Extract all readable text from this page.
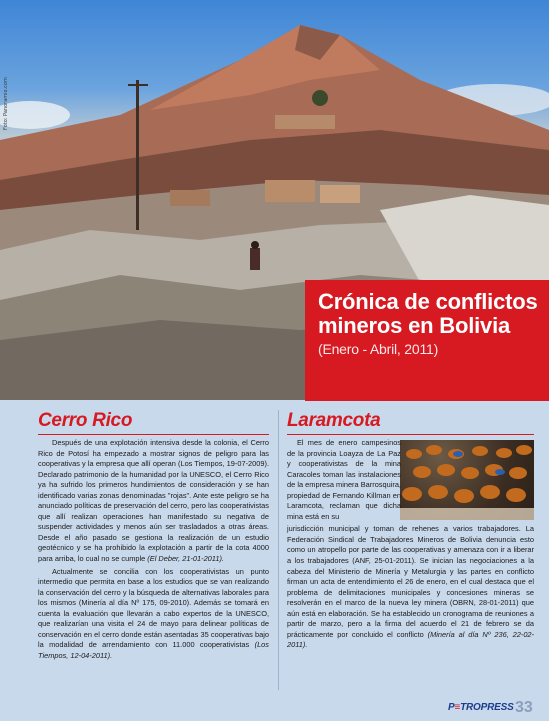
Foto: Panoramio.com
Crónica de conflictos mineros en Bolivia
(Enero - Abril, 2011)
Cerro Rico

Después de una explotación intensiva desde la colonia, el Cerro Rico de Potosí ha empezado a mostrar signos de peligro para las cooperativas y la empresa que allí operan (Los Tiempos, 19-07-2009). Declarado patrimonio de la humanidad por la UNESCO, el Cerro Rico ya ha sufrido los primeros hundimientos de consideración y se han identificado varias zonas denominadas "rojas". Ante este peligro se ha anunciado políticas de preservación del cerro, pero las cooperativistas que allí realizan operaciones han manifestado su negativa de suspender actividades y menos aún ser trasladados a otras áreas. Desde el año pasado se gestiona la realización de un estudio geotécnico y se ha prohibido la explotación a partir de la cota 4000 para arriba, lo cual no se cumple (El Deber, 21-01-2011).

Actualmente se concilia con los cooperativistas un punto intermedio que permita en base a los estudios que se van realizando la conservación del cerro y la búsqueda de alternativas laborales para los mismos (Minería al día Nº 175, 09-2010). Además se tomará en cuenta la evaluación que llevarán a cabo expertos de la UNESCO, que realizarían una visita el 24 de mayo para delinear políticas de conservación en el cerro donde están asentadas 35 cooperativas bajo la modalidad de arrendamiento con 11.000 cooperativistas (Los Tiempos, 12-04-2011).

Laramcota

El mes de enero campesinos de la provincia Loayza de La Paz y cooperativistas de la mina Caracoles toman las instalaciones de la empresa minera Barrosquira, propiedad de Fernando Killman en Laramcota, reclaman que dicha mina está en su

jurisdicción municipal y toman de rehenes a varios trabajadores. La Federación Sindical de Trabajadores Mineros de Bolivia denuncia esto como un atropello por parte de las cooperativas y amenaza con ir a liberar a los trabajadores (ANF, 25-01-2011). Se inician las negociaciones a la cabeza del Ministerio de Minería y Metalurgia y las partes en conflicto firman un acta de entendimiento el 26 de enero, en el cual destaca que el problema de delimitaciones municipales y concesiones mineras se resolverán en el marco de la nueva ley minera (OBRN, 28-01-2011) que aún está en elaboración. Se ha establecido un cronograma de reuniones a partir de marzo, pero a la firma del acuerdo el 21 de febrero se da prácticamente por concluido el conflicto (Minería al día Nº 236, 22-02-2011).

P≡TROPRESS 33
